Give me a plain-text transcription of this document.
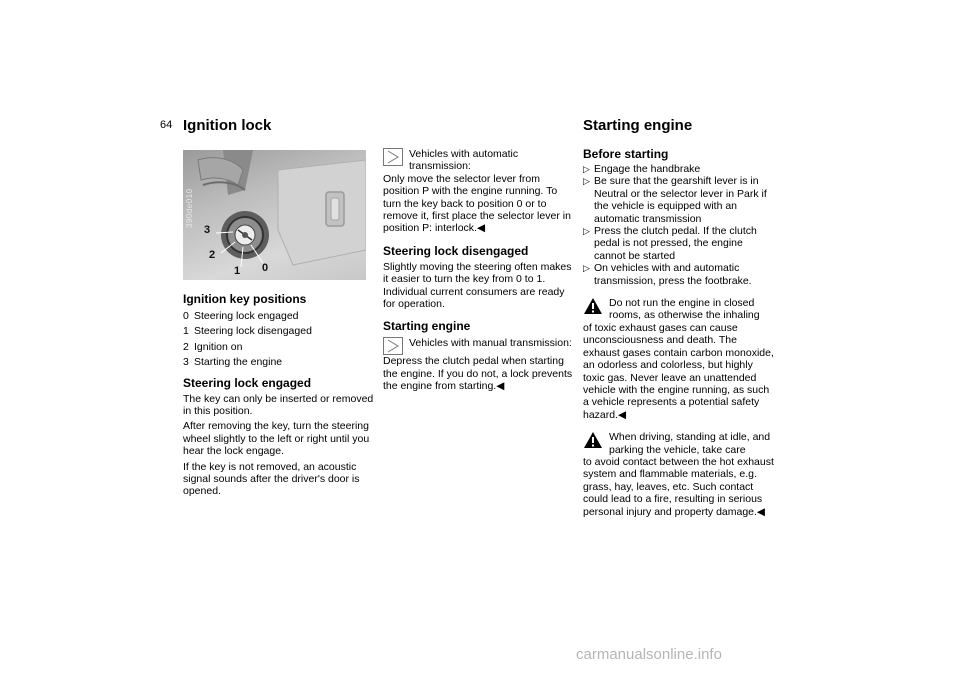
64 Ignition lock
3
2
1 0
390de010
Ignition key positions
0 Steering lock engaged
1 Steering lock disengaged
2 Ignition on
3 Starting the engine
Steering lock engaged

The key can only be inserted or removed in this position.

After removing the key, turn the steering wheel slightly to the left or right until you hear the lock engage.

If the key is not removed, an acoustic signal sounds after the driver's door is opened.

Vehicles with automatic transmission:

Only move the selector lever from position P with the engine running. To turn the key back to position 0 or to remove it, first place the selector lever in position P: interlock.◀

Steering lock disengaged

Slightly moving the steering often makes it easier to turn the key from 0 to 1.

Individual current consumers are ready for operation.

Starting engine
Vehicles with manual transmission:

Depress the clutch pedal when starting the engine. If you do not, a lock prevents the engine from starting.◀

Starting engine
Before starting
▷ Engage the handbrake
▷ Be sure that the gearshift lever is in Neutral or the selector lever in Park if the vehicle is equipped with an automatic transmission
▷ Press the clutch pedal. If the clutch pedal is not pressed, the engine cannot be started
▷ On vehicles with and automatic transmission, press the footbrake.
Do not run the engine in closed rooms, as otherwise the inhaling

of toxic exhaust gases can cause unconsciousness and death. The exhaust gases contain carbon monoxide, an odorless and colorless, but highly toxic gas. Never leave an unattended vehicle with the engine running, as such a vehicle represents a potential safety hazard.◀

When driving, standing at idle, and parking the vehicle, take care

to avoid contact between the hot exhaust system and flammable materials, e.g. grass, hay, leaves, etc. Such contact could lead to a fire, resulting in serious personal injury and property damage.◀

carmanualsonline.info
